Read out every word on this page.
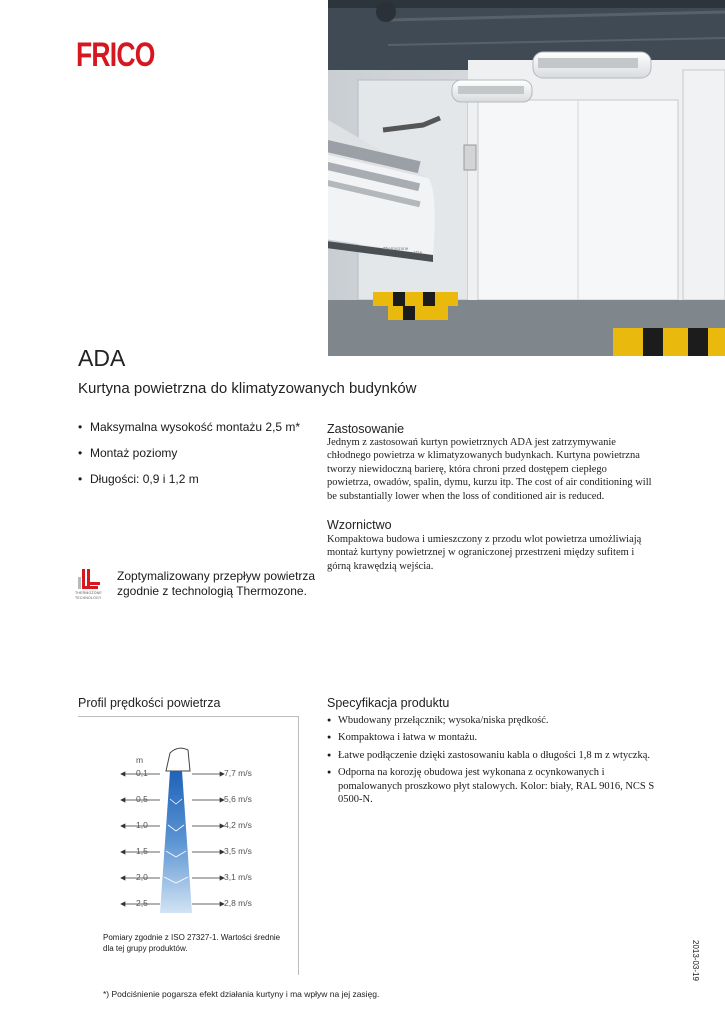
FRICO
Thermozone
ADA
ADA
Kurtyna powietrzna do klimatyzowanych budynków
• Maksymalna wysokość montażu 2,5 m*
• Montaż poziomy
• Długości: 0,9 i 1,2 m
THERMOZONE
TECHNOLOGY
Zoptymalizowany przepływ powietrza
zgodnie z technologią Thermozone.
Zastosowanie
Jednym z zastosowań kurtyn powietrznych ADA jest zatrzymywanie
chłodnego powietrza w klimatyzowanych budynkach. Kurtyna powietrzna
tworzy niewidoczną barierę, która chroni przed dostępem ciepłego
powietrza, owadów, spalin, dymu, kurzu itp. The cost of air conditioning will
be substantially lower when the loss of conditioned air is reduced.
Wzornictwo
Kompaktowa budowa i umieszczony z przodu wlot powietrza umożliwiają
montaż kurtyny powietrznej w ograniczonej przestrzeni między sufitem i
górną krawędzią wejścia.
Profil prędkości powietrza
m
0,1	7,7 m/s
0,5	5,6 m/s
1,0	4,2 m/s
1,5	3,5 m/s
2,0	3,1 m/s
2,5	2,8 m/s
Pomiary zgodnie z ISO 27327-1. Wartości średnie
dla tej grupy produktów.
Specyfikacja produktu
● Wbudowany przełącznik; wysoka/niska prędkość.
● Kompaktowa i łatwa w montażu.
● Łatwe podłączenie dzięki zastosowaniu kabla o długości 1,8 m z wtyczką.
● Odporna na korozję obudowa jest wykonana z ocynkowanych i pomalowanych proszkowo płyt stalowych. Kolor: biały, RAL 9016, NCS S 0500-N.
*) Podciśnienie pogarsza efekt działania kurtyny i ma wpływ na jej zasięg.
2013-03-19
